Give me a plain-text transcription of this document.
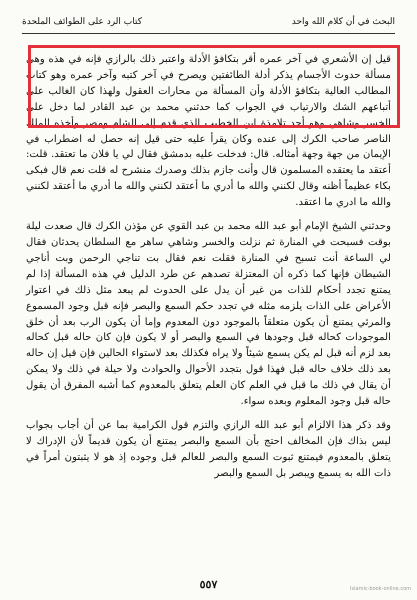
البحث في أن كلام الله واحد
كتاب الرد على الطوائف الملحدة

قيل إن الأشعري في آخر عمره أقر بتكافؤ الأدلة واعتبر ذلك بالرازي فإنه في هذه وهي مسألة حدوث الأجسام يذكر أدلة الطائفتين ويصرح في آخر كتبه وآخر عمره وهو كتاب المطالب العالية بتكافؤ الأدلة وأن المسألة من محارات العقول ولهذا كان الغالب على أتباعهم الشك والارتياب في الجواب كما حدثني محمد بن عبد القادر لما دخل على الخسر وشاهي وهو أحد تلامذة ابن الخطيب الذي قدم إلى الشام ومصر وأخذه الملك الناصر صاحب الكرك إلى عنده وكان يقرأ عليه حتى قيل إنه حصل له اضطراب في الإيمان من جهة وجهة أمثاله. قال: فدخلت عليه بدمشق فقال لي يا فلان ما تعتقد. قلت: أعتقد ما يعتقده المسلمون قال وأنت جازم بذلك وصدرك منشرح له قلت نعم قال فبكى بكاء عظيماً أظنه وقال لكنني والله ما أدري ما أعتقد لكنني والله ما أدري ما أعتقد لكنني والله ما ادري ما اعتقد.

وحدثني الشيخ الإمام أبو عبد الله محمد بن عبد القوي عن مؤذن الكرك قال صعدت ليلة بوقت فسبحت في المنارة ثم نزلت والخسر وشاهي ساهر مع السلطان يحدثان فقال لي الساعة أنت تسبح في المنارة فقلت نعم فقال بت تناجي الرحمن وبت أناجي الشيطان فإنها كما ذكره أن المعتزلة تصدهم عن طرد الدليل في هذه المسألة إذا لم يمتنع تجدد أحكام للذات من غير أن يدل على الحدوث لم يبعد مثل ذلك في اعتوار الأعراض على الذات يلزمه مثله في تجدد حكم السمع والبصر فإنه قبل وجود المسموع والمرئي يمتنع أن يكون متعلقاً بالموجود دون المعدوم وإما أن يكون الرب بعد أن خلق الموجودات كحاله قبل وجودها في السمع والبصر أو لا يكون فإن كان حاله قبل كحاله بعد لزم أنه قبل لم يكن يسمع شيئاً ولا يراه فكذلك بعد لاستواء الحالين فإن قيل إن حاله بعد ذلك خلاف حاله قبل فهذا قول بتجدد الأحوال والحوادث ولا حيلة في ذلك ولا يمكن أن يقال في ذلك ما قبل في العلم كان العلم يتعلق بالمعدوم كما أشبه المفرق أن يقول حاله قبل وجود المعلوم وبعده سواء.

وقد ذكر هذا الالزام أبو عبد الله الرازي والتزم قول الكرامية بما عن أن أجاب بجواب ليس بذاك فإن المخالف احتج بأن السمع والبصر يمتنع أن يكون قديماً لأن الإدراك لا يتعلق بالمعدوم فيمتنع ثبوت السمع والبصر للعالم قبل وجوده إذ هو لا يثبتون أمراً في ذات الله به يسمع ويبصر بل السمع والبصر

٥٥٧	Islamic-book-online.com
